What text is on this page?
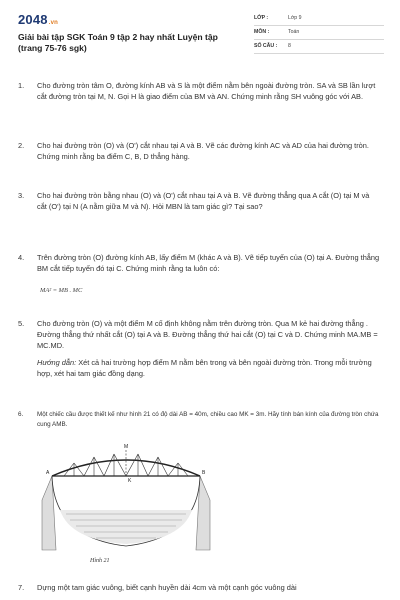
2048.vn
Giải bài tập SGK Toán 9 tập 2 hay nhất Luyện tập (trang 75-76 sgk)
LỚP :	Lớp 9
MÔN :	Toán
SỐ CÂU :	8
1.	Cho đường tròn tâm O, đường kính AB và S là một điểm nằm bên ngoài đường tròn. SA và SB lần lượt cắt đường tròn tại M, N. Gọi H là giao điểm của BM và AN. Chứng minh rằng SH vuông góc với AB.
2.	Cho hai đường tròn (O) và (O') cắt nhau tại A và B. Vẽ các đường kính AC và AD của hai đường tròn. Chứng minh rằng ba điểm C, B, D thẳng hàng.
3.	Cho hai đường tròn bằng nhau (O) và (O') cắt nhau tại A và B. Vẽ đường thẳng qua A cắt (O) tại M và cắt (O') tại N (A nằm giữa M và N). Hỏi MBN là tam giác gì? Tại sao?
4.	Trên đường tròn (O) đường kính AB, lấy điểm M (khác A và B). Vẽ tiếp tuyến của (O) tại A. Đường thẳng BM cắt tiếp tuyến đó tại C. Chứng minh rằng ta luôn có:
MA² = MB . MC
5.	Cho đường tròn (O) và một điểm M cố định không nằm trên đường tròn. Qua M kẻ hai đường thẳng . Đường thẳng thứ nhất cắt (O) tại A và B. Đường thẳng thứ hai cắt (O) tại C và D. Chứng minh MA.MB = MC.MD.
Hướng dẫn: Xét cả hai trường hợp điểm M nằm bên trong và bên ngoài đường tròn. Trong mỗi trường hợp, xét hai tam giác đồng dạng.
6.	Một chiếc cầu được thiết kế như hình 21 có độ dài AB = 40m, chiều cao MK = 3m. Hãy tính bán kính của đường tròn chứa cung AMB.
7.	Dựng một tam giác vuông, biết cạnh huyền dài 4cm và một cạnh góc vuông dài
M
A	B
K
Hình 21
